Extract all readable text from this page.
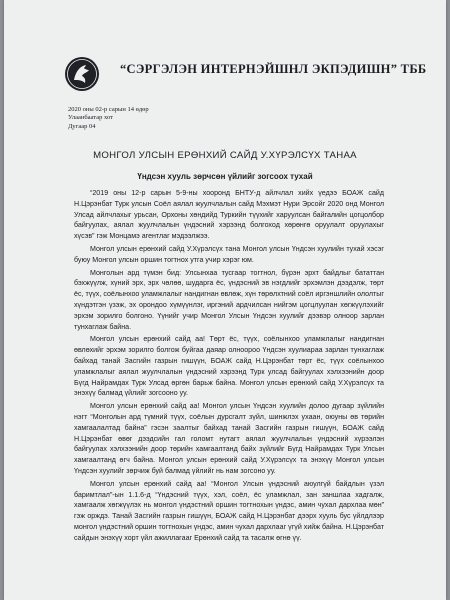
“СЭРГЭЛЭН ИНТЕРНЭЙШНЛ ЭКПЭДИШН” ТББ
2020 оны 02-р сарын 14 өдөр
Улаанбаатар хот
Дугаар 04
МОНГОЛ УЛСЫН ЕРӨНХИЙ САЙД У.ХҮРЭЛСҮХ ТАНАА
Үндсэн хууль зөрчсөн үйлийг зогсоох тухай

“2019 оны 12-р сарын 5-9-ны хооронд БНТУ-д айлчлал хийх үедээ БОАЖ сайд Н.Цэрэнбат Турк улсын Соёл аялал жуулчлалын сайд Мэхмэт Нури Эрсойг 2020 онд Монгол Улсад айлчлахыг урьсан, Орхоны хөндийд Туркийн түүхийг харуулсан байгалийн цогцолбор байгуулах, аялал жуулчлалын үндэсний хэрээнд болгоход хөрөнгө оруулалт оруулахыг хүсэв” гэж Монцамэ агентлаг мэдээлжээ.

Монгол улсын ерөнхий сайд У.Хүрэлсүх тана Монгол улсын Үндсэн хуулийн тухай хэсэг буюу Монгол улсын оршин тогтнох утга учир хэрэг юм.

Монголын ард түмэн бид: Улсынхаа тусгаар тогтнол, бүрэн эрхт байдлыг бататтан бэхжүүлж, хүний эрх, эрх чөлөө, шударга ёс, үндэсний эв нэгдлийг эрхэмлэн дээдэлж, төрт ёс, түүх, соёлынхоо уламжлалыг нандигнан өвлөж, хүн төрөлхтний соёл иргэншлийн ололтыг хүндэтгэн үзэж, эх орондоо хүмүүнлэг, иргэний ардчилсан нийгэм цогцлуулан хөгжүүлэхийг эрхэм зорилго болгоно. Үүнийг учир Монгол Улсын Үндсэн хуулийг дээвэр олноор зарлан тунхаглаж байна.

Монгол улсын ерөнхий сайд аа! Төрт ёс, түүх, соёлынхоо уламжлалыг нандигнан өвлөхийг эрхэм зорилго болгож буйгаа даяар олноороо Үндсэн хуулиараа зарлан тунхаглаж байхад танай Засгийн газрын гишүүн, БОАЖ сайд Н.Цэрэнбат төрт ёс, түүх соёлынхоо уламжлалыг аялал жуулчлалын үндэсний хэрээнд Турк улсад байгуулах хэлхээнийн доор Бүгд Найрамдах Турк Улсад өргөн барьж байна. Монгол улсын ерөнхий сайд У.Хүрэлсүх та энэхүү балмад үйлийг зогсооно уу.

Монгол улсын ерөнхий сайд аа! Монгол улсын Үндсэн хуулийн долоо дугаар зүйлийн нэгт “Монголын ард түмний түүх, соёлын дурсгалт зүйл, шинжлэх ухаан, оюуны өв төрийн хамгаалалтад байна” гэсэн заалтыг байхад танай Засгийн газрын гишүүн, БОАЖ сайд Н.Цэрэнбат өвөг дээдсийн гал голомт нутагт аялал жуулчлалын үндэсний хүрээлэн байгуулах хэлхээнийн доор төрийн хамгаалтанд байх зүйлийг Бүгд Найрамдах Турк Улсын хамгаалтанд өгч байна. Монгол улсын ерөнхий сайд У.Хүрэлсүх та энэхүү Монгол улсын Үндсэн хуулийг зөрчиж буй балмад үйлийг нь нам зогсоно уу.

Монгол улсын ерөнхий сайд аа! “Монгол Улсын үндэсний аюулгүй байдлын үзэл баримтлал”-ын 1.1.6-д “Үндэсний түүх, хэл, соёл, ёс уламжлал, зан заншлаа хадгалж, хамгаалж хөгжүүлэх нь монгол үндэстний оршин тогтнохын үндэс, амин чухал дархлаа мөн” гэж орждэ. Танай Засгийн газрын гишүүн, БОАЖ сайд Н.Цэрэнбат дээрх хууль бус үйлдлээр монгол үндэстний оршин тогтнохын үндэс, амин чухал дархлааг үгүй хийж байна. Н.Цэрэнбат сайдын энэхүү хорт үйл ажиллагааг Ерөнхий сайд та тасалж өгнө үү.
